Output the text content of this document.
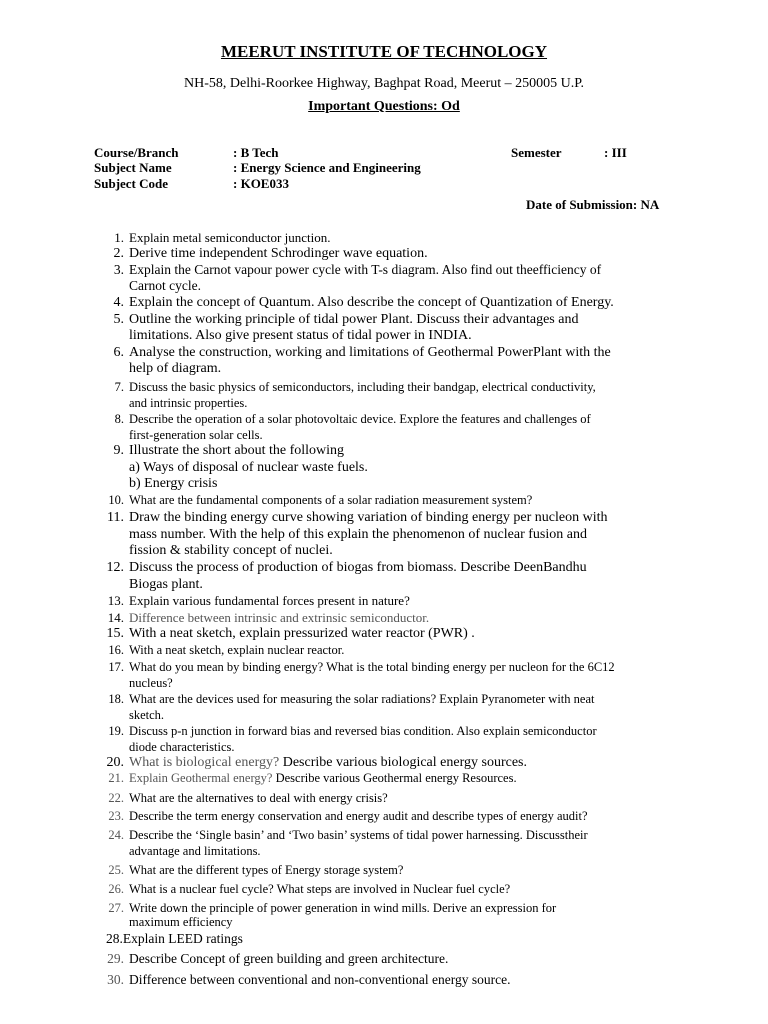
MEERUT INSTITUTE OF TECHNOLOGY
NH-58, Delhi-Roorkee Highway, Baghpat Road, Meerut – 250005 U.P.
Important Questions: Od
Course/Branch	: B Tech	Semester	: III
Subject Name	: Energy Science and Engineering
Subject Code	: KOE033
Date of Submission: NA
1. Explain metal semiconductor junction.
2. Derive time independent Schrodinger wave equation.
3. Explain the Carnot vapour power cycle with T-s diagram. Also find out theefficiency of
Carnot cycle.
4. Explain the concept of Quantum. Also describe the concept of Quantization of Energy.
5. Outline the working principle of tidal power Plant. Discuss their advantages and
limitations. Also give present status of tidal power in INDIA.
6. Analyse the construction, working and limitations of Geothermal PowerPlant with the
help of diagram.
7. Discuss the basic physics of semiconductors, including their bandgap, electrical conductivity,
and intrinsic properties.
8. Describe the operation of a solar photovoltaic device. Explore the features and challenges of
first-generation solar cells.
9. Illustrate the short about the following
a) Ways of disposal of nuclear waste fuels.
b) Energy crisis
10. What are the fundamental components of a solar radiation measurement system?
11. Draw the binding energy curve showing variation of binding energy per nucleon with
mass number. With the help of this explain the phenomenon of nuclear fusion and
fission & stability concept of nuclei.
12. Discuss the process of production of biogas from biomass. Describe DeenBandhu
Biogas plant.
13. Explain various fundamental forces present in nature?
14. Difference between intrinsic and extrinsic semiconductor.
15. With a neat sketch, explain pressurized water reactor (PWR) .
16. With a neat sketch, explain nuclear reactor.
17. What do you mean by binding energy? What is the total binding energy per nucleon for the 6C12
nucleus?
18. What are the devices used for measuring the solar radiations? Explain Pyranometer with neat
sketch.
19. Discuss p-n junction in forward bias and reversed bias condition. Also explain semiconductor
diode characteristics.
20. What is biological energy? Describe various biological energy sources.
21. Explain Geothermal energy? Describe various Geothermal energy Resources.
22. What are the alternatives to deal with energy crisis?
23. Describe the term energy conservation and energy audit and describe types of energy audit?
24. Describe the ‘Single basin’ and ‘Two basin’ systems of tidal power harnessing. Discusstheir
advantage and limitations.
25. What are the different types of Energy storage system?
26. What is a nuclear fuel cycle? What steps are involved in Nuclear fuel cycle?
27. Write down the principle of power generation in wind mills. Derive an expression for
maximum efficiency
28.Explain LEED ratings
29. Describe Concept of green building and green architecture.
30. Difference between conventional and non-conventional energy source.
